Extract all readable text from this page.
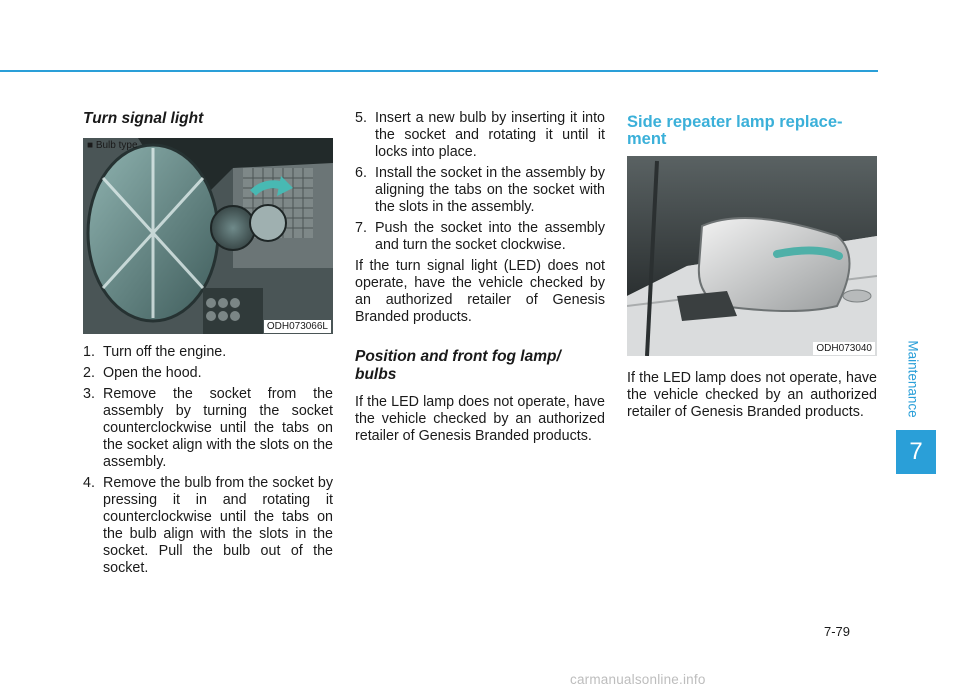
Turn signal light
■ Bulb type
ODH073066L
1. Turn off the engine.
2. Open the hood.
3. Remove the socket from the assembly by turning the socket counterclockwise until the tabs on the socket align with the slots on the assembly.
4. Remove the bulb from the socket by pressing it in and rotating it counterclockwise until the tabs on the bulb align with the slots in the socket. Pull the bulb out of the socket.
5. Insert a new bulb by inserting it into the socket and rotating it until it locks into place.
6. Install the socket in the assembly by aligning the tabs on the socket with the slots in the assembly.
7. Push the socket into the assembly and turn the socket clockwise.

If the turn signal light (LED) does not operate, have the vehicle checked by an authorized retailer of Genesis Branded products.

Position and front fog lamp/ bulbs

If the LED lamp does not operate, have the vehicle checked by an authorized retailer of Genesis Branded products.

Side repeater lamp replace- ment
ODH073040

If the LED lamp does not operate, have the vehicle checked by an authorized retailer of Genesis Branded products.	Maintenance
7
7-79
carmanualsonline.info
